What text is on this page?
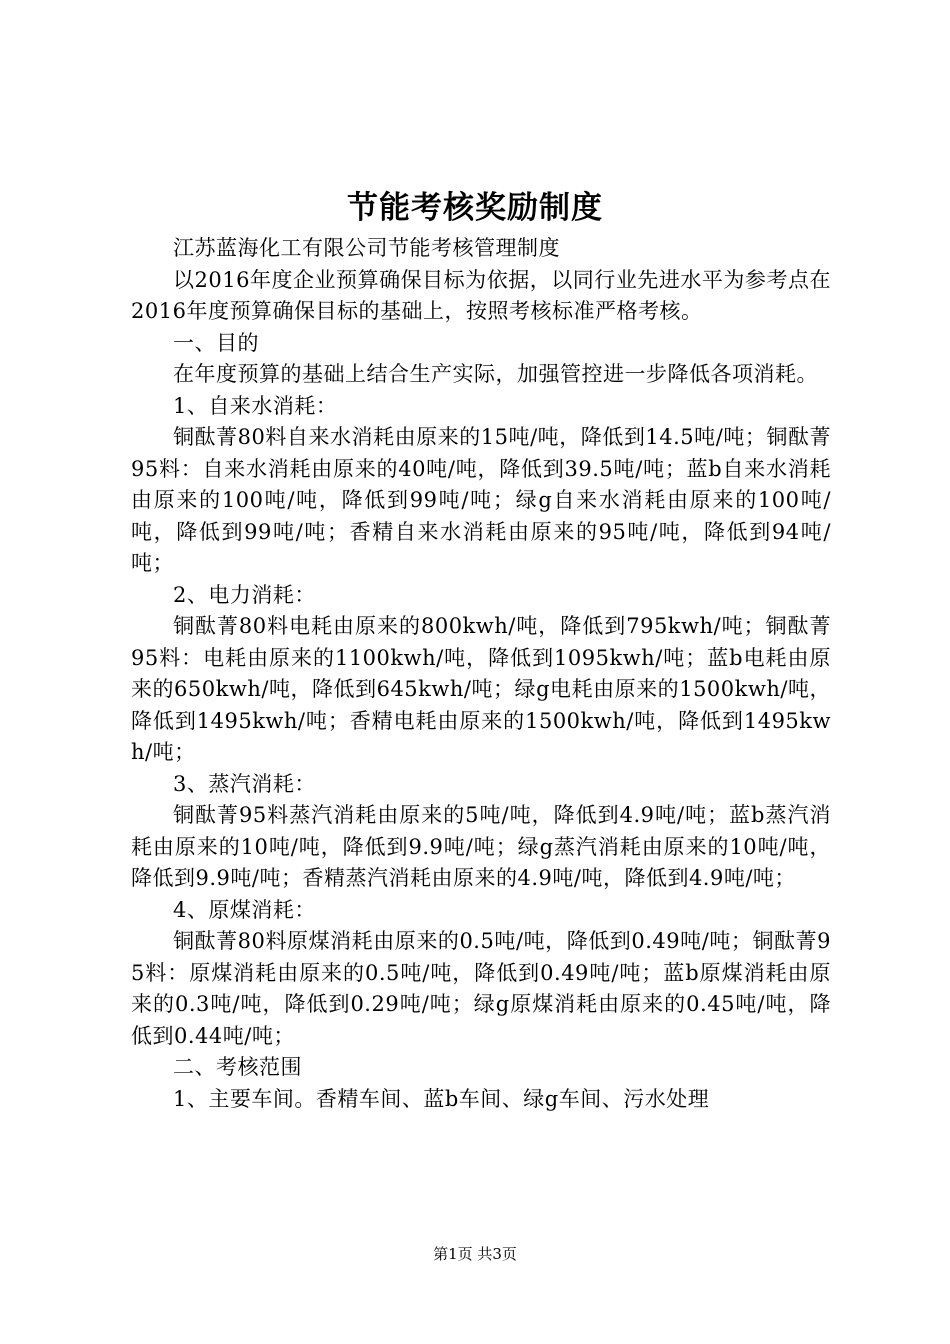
节能考核奖励制度

江苏蓝海化工有限公司节能考核管理制度

以2016年度企业预算确保目标为依据，以同行业先进水平为参考点在2016年度预算确保目标的基础上，按照考核标准严格考核。

一、目的

在年度预算的基础上结合生产实际，加强管控进一步降低各项消耗。

1、自来水消耗：

铜酞菁80料自来水消耗由原来的15吨/吨，降低到14.5吨/吨；铜酞菁95料：自来水消耗由原来的40吨/吨，降低到39.5吨/吨；蓝b自来水消耗由原来的100吨/吨，降低到99吨/吨；绿g自来水消耗由原来的100吨/吨，降低到99吨/吨；香精自来水消耗由原来的95吨/吨，降低到94吨/吨；

2、电力消耗：

铜酞菁80料电耗由原来的800kwh/吨，降低到795kwh/吨；铜酞菁95料：电耗由原来的1100kwh/吨，降低到1095kwh/吨；蓝b电耗由原来的650kwh/吨，降低到645kwh/吨；绿g电耗由原来的1500kwh/吨，降低到1495kwh/吨；香精电耗由原来的1500kwh/吨，降低到1495kwh/吨；

3、蒸汽消耗：

铜酞菁95料蒸汽消耗由原来的5吨/吨，降低到4.9吨/吨；蓝b蒸汽消耗由原来的10吨/吨，降低到9.9吨/吨；绿g蒸汽消耗由原来的10吨/吨，降低到9.9吨/吨；香精蒸汽消耗由原来的4.9吨/吨，降低到4.9吨/吨；

4、原煤消耗：

铜酞菁80料原煤消耗由原来的0.5吨/吨，降低到0.49吨/吨；铜酞菁95料：原煤消耗由原来的0.5吨/吨，降低到0.49吨/吨；蓝b原煤消耗由原来的0.3吨/吨，降低到0.29吨/吨；绿g原煤消耗由原来的0.45吨/吨，降低到0.44吨/吨；

二、考核范围

1、主要车间。香精车间、蓝b车间、绿g车间、污水处理

第1页 共3页
